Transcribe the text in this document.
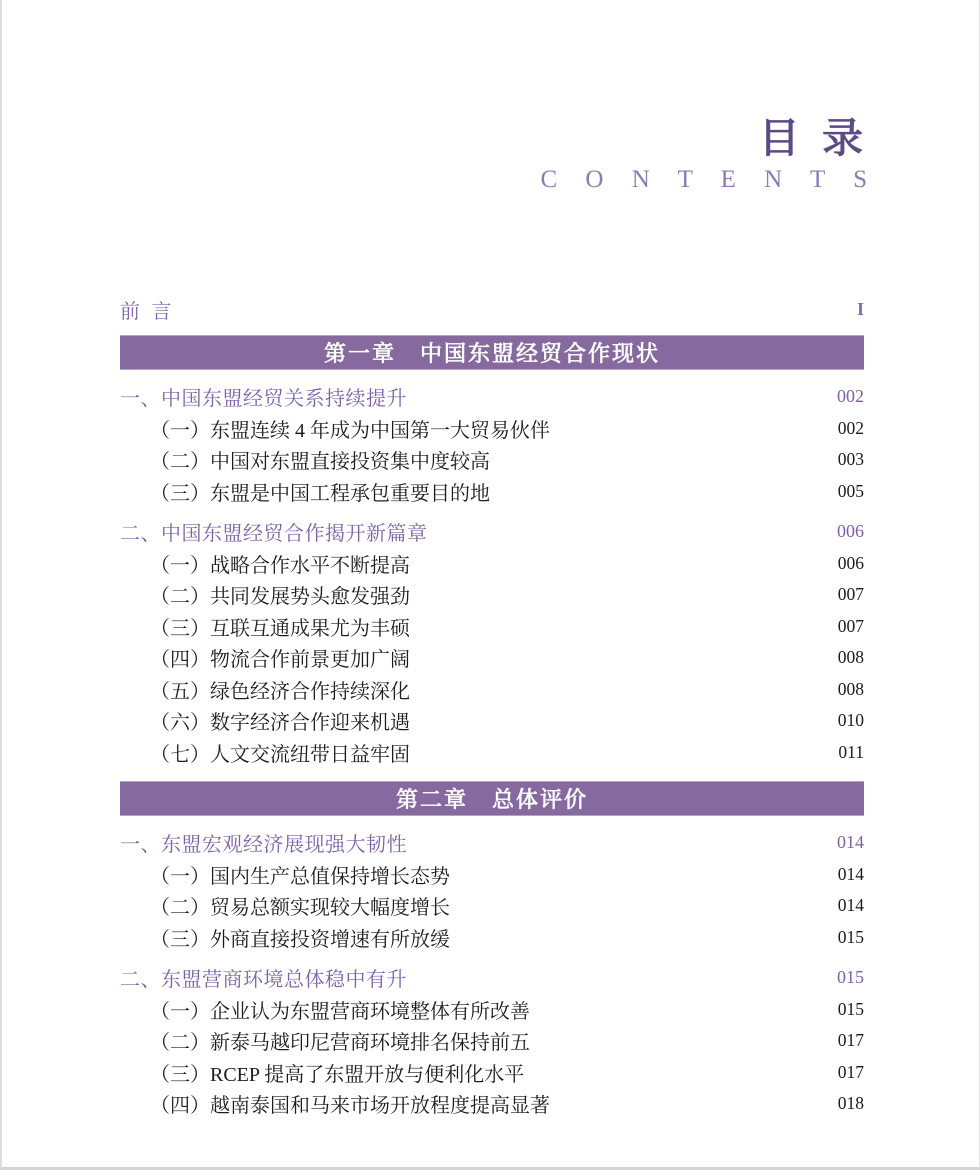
目 录
C O N T E N T S
前 言	I
第一章　中国东盟经贸合作现状
一、中国东盟经贸关系持续提升	002
（一）东盟连续 4 年成为中国第一大贸易伙伴	002
（二）中国对东盟直接投资集中度较高	003
（三）东盟是中国工程承包重要目的地	005
二、中国东盟经贸合作揭开新篇章	006
（一）战略合作水平不断提高	006
（二）共同发展势头愈发强劲	007
（三）互联互通成果尤为丰硕	007
（四）物流合作前景更加广阔	008
（五）绿色经济合作持续深化	008
（六）数字经济合作迎来机遇	010
（七）人文交流纽带日益牢固	011
第二章　总体评价
一、东盟宏观经济展现强大韧性	014
（一）国内生产总值保持增长态势	014
（二）贸易总额实现较大幅度增长	014
（三）外商直接投资增速有所放缓	015
二、东盟营商环境总体稳中有升	015
（一）企业认为东盟营商环境整体有所改善	015
（二）新泰马越印尼营商环境排名保持前五	017
（三）RCEP 提高了东盟开放与便利化水平	017
（四）越南泰国和马来市场开放程度提高显著	018
